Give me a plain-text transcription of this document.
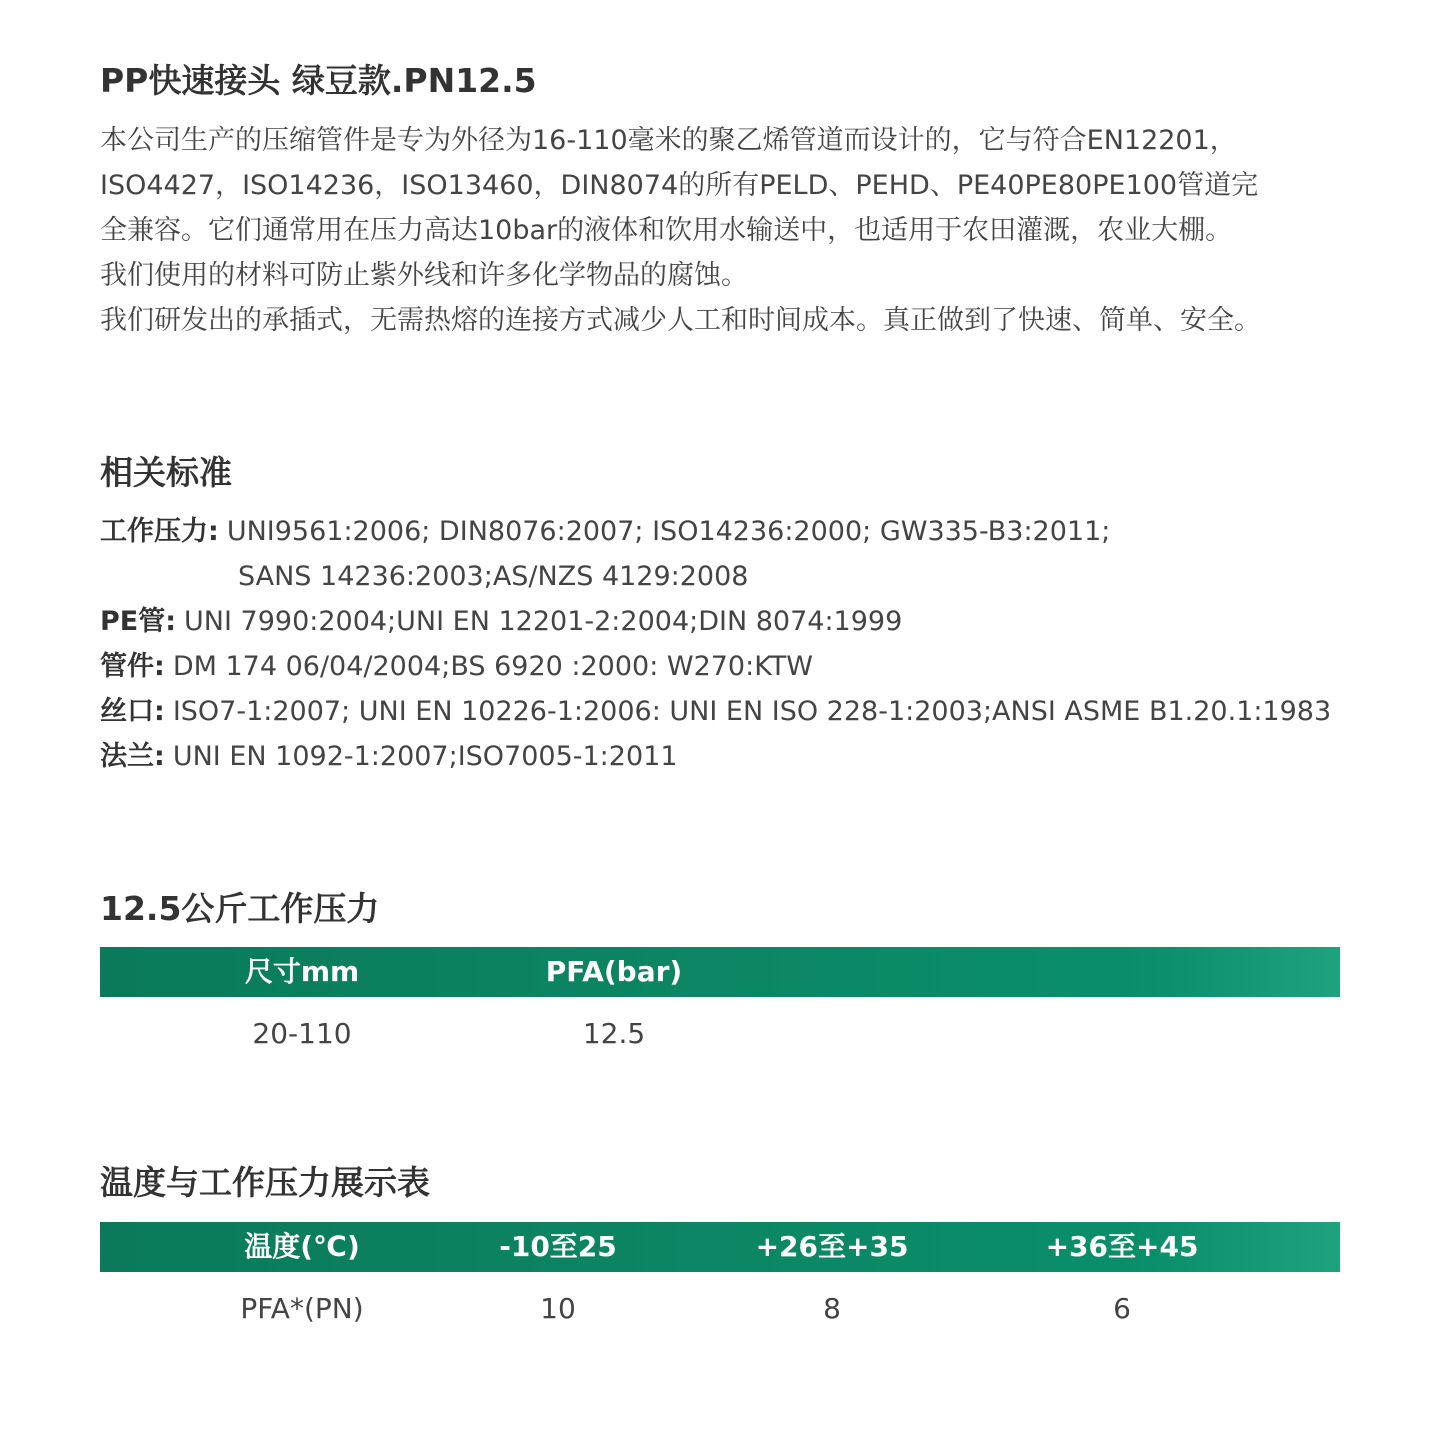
PP快速接头 绿豆款.PN12.5

本公司生产的压缩管件是专为外径为16-110毫米的聚乙烯管道而设计的，它与符合EN12201，

ISO4427，ISO14236，ISO13460，DIN8074的所有PELD、PEHD、PE40PE80PE100管道完

全兼容。它们通常用在压力高达10bar的液体和饮用水输送中，也适用于农田灌溉，农业大棚。

我们使用的材料可防止紫外线和许多化学物品的腐蚀。

我们研发出的承插式，无需热熔的连接方式减少人工和时间成本。真正做到了快速、简单、安全。

相关标准
工作压力: UNI9561:2006; DIN8076:2007; ISO14236:2000; GW335-B3:2011;
SANS 14236:2003;AS/NZS 4129:2008
PE管: UNI 7990:2004;UNI EN 12201-2:2004;DIN 8074:1999
管件: DM 174 06/04/2004;BS 6920 :2000: W270:KTW
丝口: ISO7-1:2007; UNI EN 10226-1:2006: UNI EN ISO 228-1:2003;ANSI ASME B1.20.1:1983
法兰: UNI EN 1092-1:2007;ISO7005-1:2011
12.5公斤工作压力
尺寸mm	PFA(bar)
20-110	12.5
温度与工作压力展示表
温度(℃)	-10至25	+26至+35	+36至+45
PFA*(PN)	10	8	6
